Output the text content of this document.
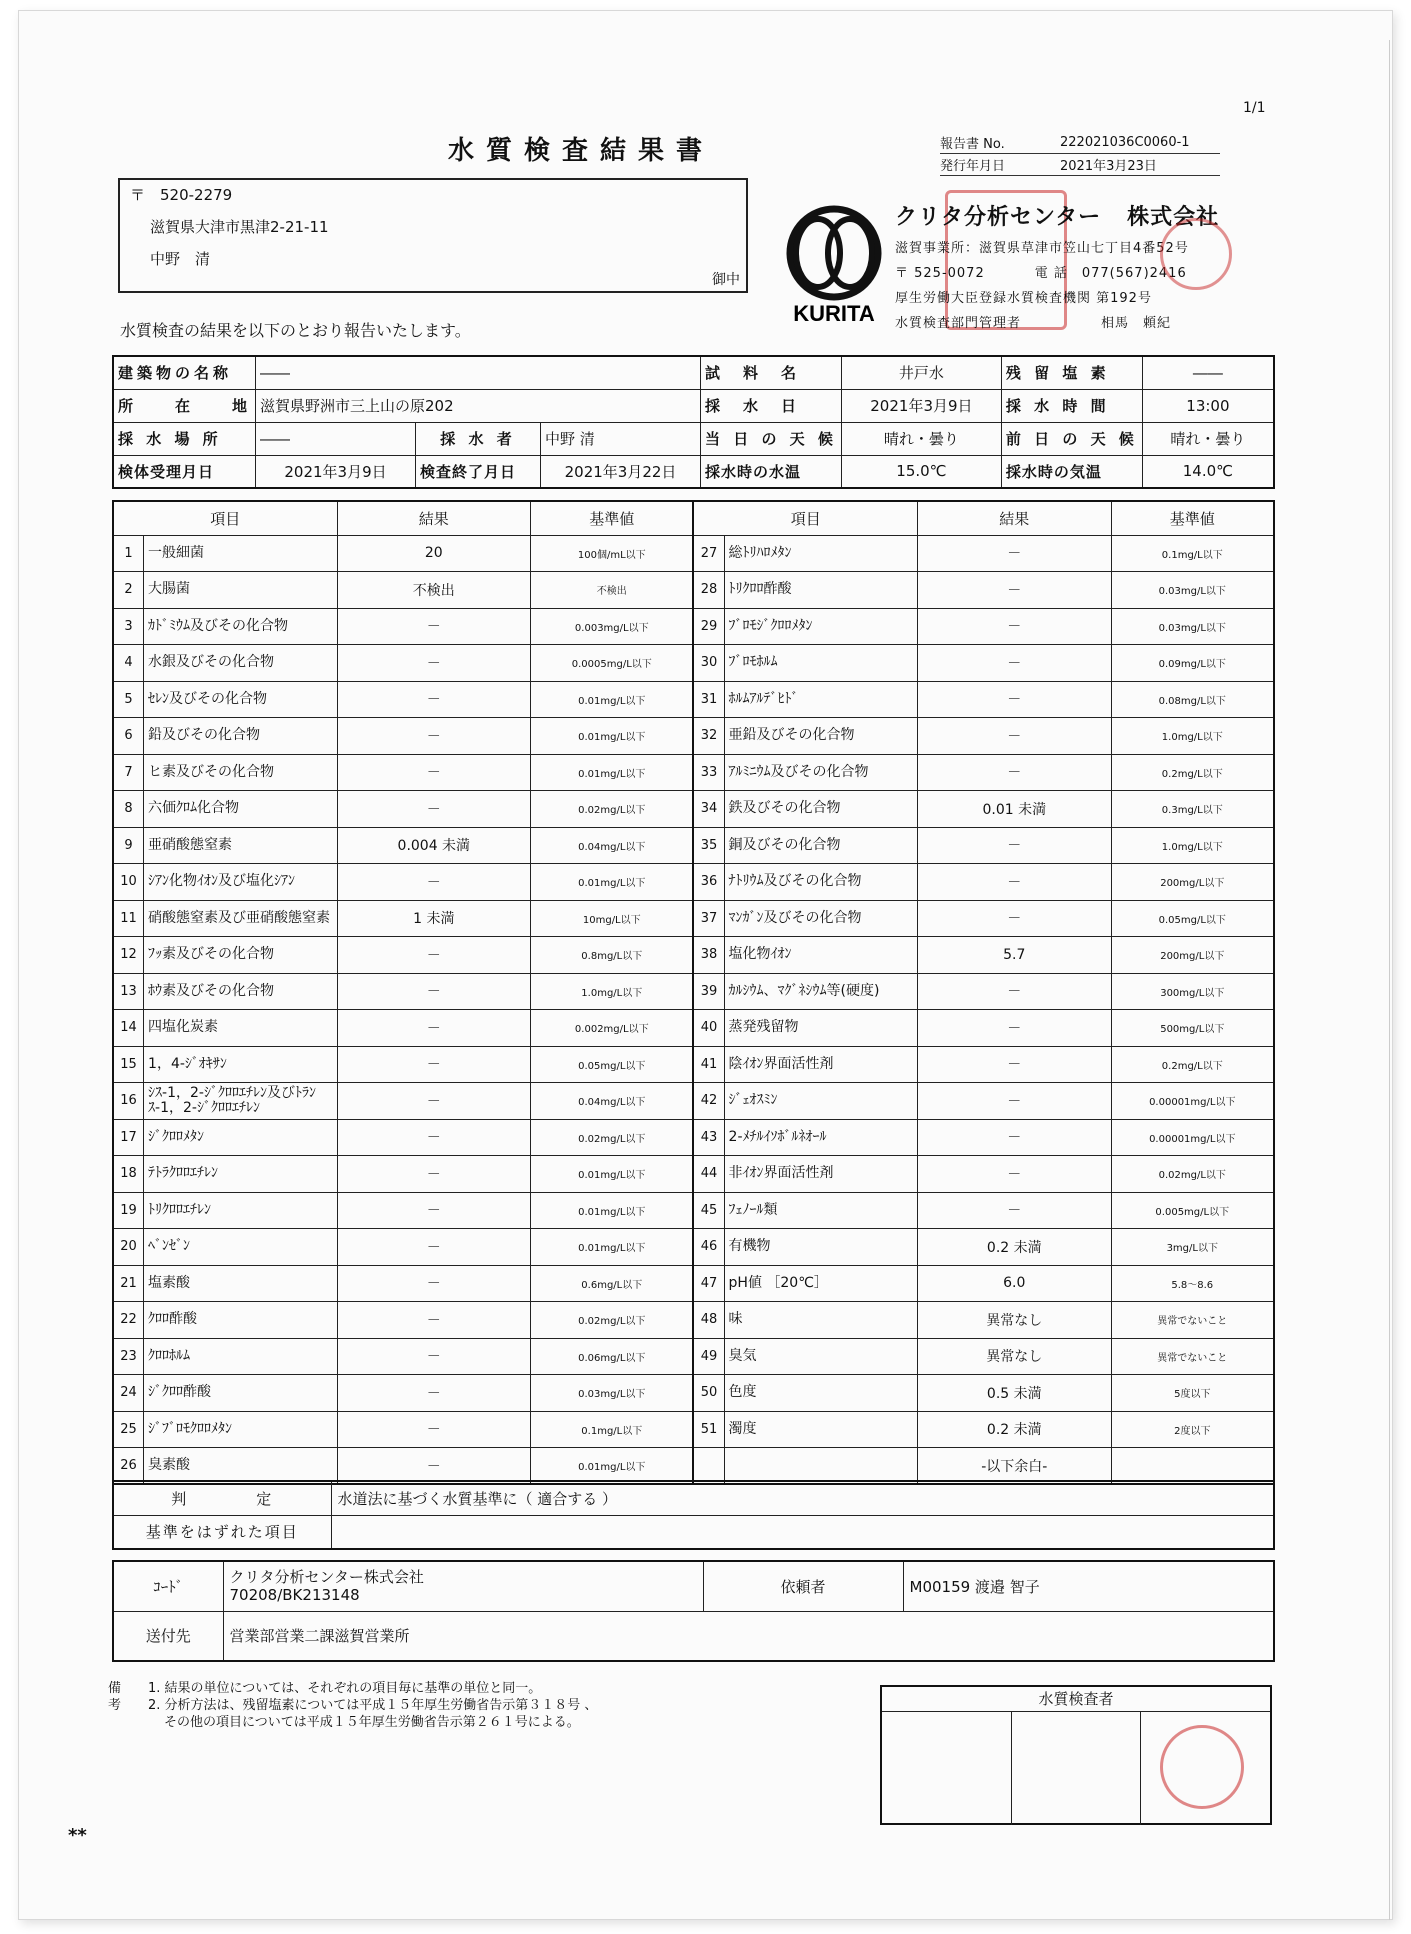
1/1
水質検査結果書	報告書 No.	222021036C0060-1
発行年月日	2021年3月23日
〒　520-2279
滋賀県大津市黒津2-21-11
中野　清
御中
KURITA
クリタ分析センター 株式会社
滋賀事業所：滋賀県草津市笠山七丁目4番52号
〒 525-0072	電 話　077(567)2416
厚生労働大臣登録水質検査機関 第192号
水質検査部門管理者	相馬　頼紀
水質検査の結果を以下のとおり報告いたします。
建築物の名称	――			試　料　名	井戸水	残 留 塩 素	――
所　　在　　地	滋賀県野洲市三上山の原202			採　水　日	2021年3月9日	採 水 時 間	13:00
採 水 場 所	――	採 水 者	中野 清	当 日 の 天 候	晴れ・曇り	前 日 の 天 候	晴れ・曇り
検体受理月日	2021年3月9日	検査終了月日	2021年3月22日	採水時の水温	15.0℃	採水時の気温	14.0℃
項目		結果	基準値	項目		結果	基準値
1	一般細菌	20	100個/mL以下	27	総ﾄﾘﾊﾛﾒﾀﾝ	－	0.1mg/L以下
2	大腸菌	不検出	不検出	28	ﾄﾘｸﾛﾛ酢酸	－	0.03mg/L以下
3	ｶﾄﾞﾐｳﾑ及びその化合物	－	0.003mg/L以下	29	ﾌﾞﾛﾓｼﾞｸﾛﾛﾒﾀﾝ	－	0.03mg/L以下
4	水銀及びその化合物	－	0.0005mg/L以下	30	ﾌﾞﾛﾓﾎﾙﾑ	－	0.09mg/L以下
5	ｾﾚﾝ及びその化合物	－	0.01mg/L以下	31	ﾎﾙﾑｱﾙﾃﾞﾋﾄﾞ	－	0.08mg/L以下
6	鉛及びその化合物	－	0.01mg/L以下	32	亜鉛及びその化合物	－	1.0mg/L以下
7	ヒ素及びその化合物	－	0.01mg/L以下	33	ｱﾙﾐﾆｳﾑ及びその化合物	－	0.2mg/L以下
8	六価ｸﾛﾑ化合物	－	0.02mg/L以下	34	鉄及びその化合物	0.01 未満	0.3mg/L以下
9	亜硝酸態窒素	0.004 未満	0.04mg/L以下	35	銅及びその化合物	－	1.0mg/L以下
10	ｼｱﾝ化物ｲｵﾝ及び塩化ｼｱﾝ	－	0.01mg/L以下	36	ﾅﾄﾘｳﾑ及びその化合物	－	200mg/L以下
11	硝酸態窒素及び亜硝酸態窒素	1 未満	10mg/L以下	37	ﾏﾝｶﾞﾝ及びその化合物	－	0.05mg/L以下
12	ﾌｯ素及びその化合物	－	0.8mg/L以下	38	塩化物ｲｵﾝ	5.7	200mg/L以下
13	ﾎｳ素及びその化合物	－	1.0mg/L以下	39	ｶﾙｼｳﾑ、ﾏｸﾞﾈｼｳﾑ等(硬度)	－	300mg/L以下
14	四塩化炭素	－	0.002mg/L以下	40	蒸発残留物	－	500mg/L以下
15	1，4-ｼﾞｵｷｻﾝ	－	0.05mg/L以下	41	陰ｲｵﾝ界面活性剤	－	0.2mg/L以下
16	ｼｽ-1，2-ｼﾞｸﾛﾛｴﾁﾚﾝ及びﾄﾗﾝｽ-1，2-ｼﾞｸﾛﾛｴﾁﾚﾝ	－	0.04mg/L以下	42	ｼﾞｪｵｽﾐﾝ	－	0.00001mg/L以下
17	ｼﾞｸﾛﾛﾒﾀﾝ	－	0.02mg/L以下	43	2-ﾒﾁﾙｲｿﾎﾞﾙﾈｵｰﾙ	－	0.00001mg/L以下
18	ﾃﾄﾗｸﾛﾛｴﾁﾚﾝ	－	0.01mg/L以下	44	非ｲｵﾝ界面活性剤	－	0.02mg/L以下
19	ﾄﾘｸﾛﾛｴﾁﾚﾝ	－	0.01mg/L以下	45	ﾌｪﾉｰﾙ類	－	0.005mg/L以下
20	ﾍﾞﾝｾﾞﾝ	－	0.01mg/L以下	46	有機物	0.2 未満	3mg/L以下
21	塩素酸	－	0.6mg/L以下	47	pH値 ［20℃］	6.0	5.8～8.6
22	ｸﾛﾛ酢酸	－	0.02mg/L以下	48	味	異常なし	異常でないこと
23	ｸﾛﾛﾎﾙﾑ	－	0.06mg/L以下	49	臭気	異常なし	異常でないこと
24	ｼﾞｸﾛﾛ酢酸	－	0.03mg/L以下	50	色度	0.5 未満	5度以下
25	ｼﾞﾌﾞﾛﾓｸﾛﾛﾒﾀﾝ	－	0.1mg/L以下	51	濁度	0.2 未満	2度以下
26	臭素酸	－	0.01mg/L以下			-以下余白-	
判　　　　定	水道法に基づく水質基準に（ 適合する ）
基準をはずれた項目	
ｺｰﾄﾞ	クリタ分析センター株式会社
70208/BK213148	依頼者	M00159 渡邉 智子
送付先	営業部営業二課滋賀営業所		
備考
1. 結果の単位については、それぞれの項目毎に基準の単位と同一。
2. 分析方法は、残留塩素については平成１５年厚生労働省告示第３１８号 、
その他の項目については平成１５年厚生労働省告示第２６１号による。
水質検査者
**
